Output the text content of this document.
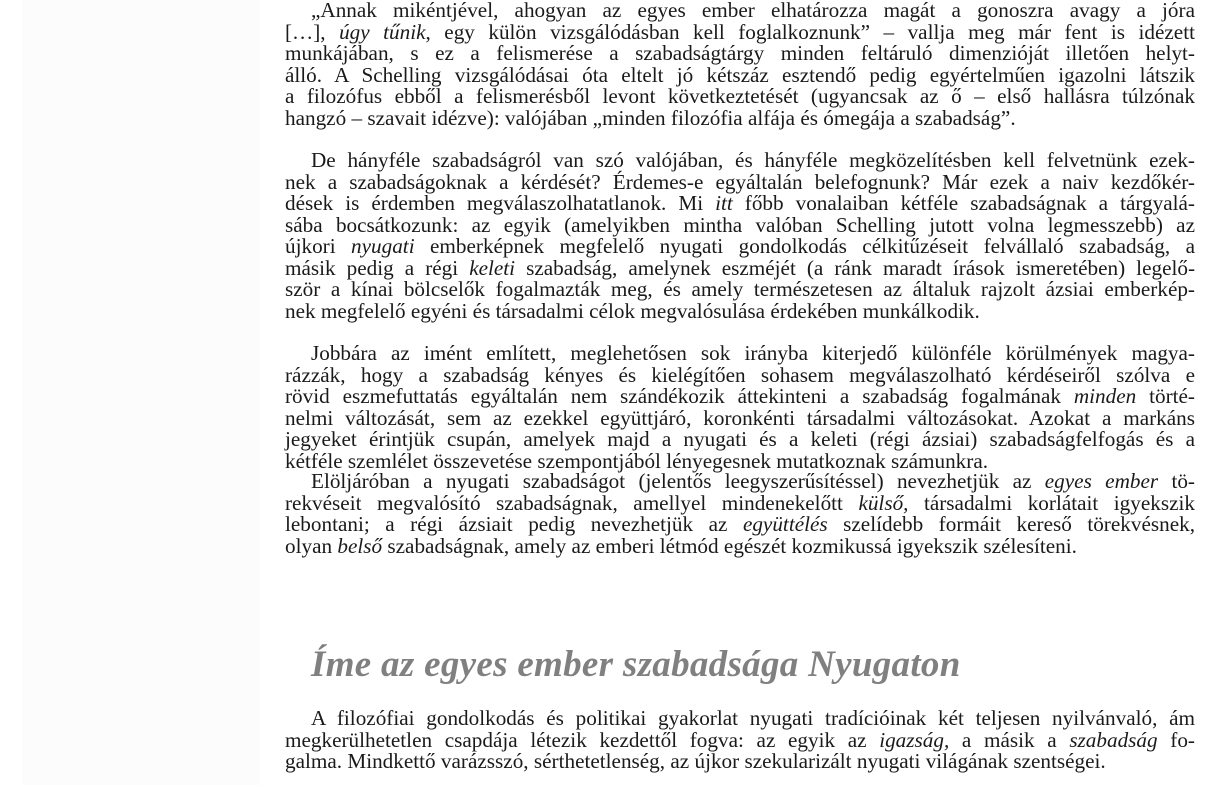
„Annak mikéntjével, ahogyan az egyes ember elhatározza magát a gonoszra avagy a jóra
[…], úgy tűnik, egy külön vizsgálódásban kell foglalkoznunk” – vallja meg már fent is idézett
munkájában, s ez a felismerése a szabadságtárgy minden feltáruló dimenzióját illetően helyt-
álló. A Schelling vizsgálódásai óta eltelt jó kétszáz esztendő pedig egyértelműen igazolni látszik
a filozófus ebből a felismerésből levont következtetését (ugyancsak az ő – első hallásra túlzónak
hangzó – szavait idézve): valójában „minden filozófia alfája és ómegája a szabadság”.
De hányféle szabadságról van szó valójában, és hányféle megközelítésben kell felvetnünk ezek-
nek a szabadságoknak a kérdését? Érdemes-e egyáltalán belefognunk? Már ezek a naiv kezdőkér-
dések is érdemben megválaszolhatatlanok. Mi itt főbb vonalaiban kétféle szabadságnak a tárgyalá-
sába bocsátkozunk: az egyik (amelyikben mintha valóban Schelling jutott volna legmesszebb) az
újkori nyugati emberképnek megfelelő nyugati gondolkodás célkitűzéseit felvállaló szabadság, a
másik pedig a régi keleti szabadság, amelynek eszméjét (a ránk maradt írások ismeretében) legelő-
ször a kínai bölcselők fogalmazták meg, és amely természetesen az általuk rajzolt ázsiai emberkép-
nek megfelelő egyéni és társadalmi célok megvalósulása érdekében munkálkodik.
Jobbára az imént említett, meglehetősen sok irányba kiterjedő különféle körülmények magya-
rázzák, hogy a szabadság kényes és kielégítően sohasem megválaszolható kérdéseiről szólva e
rövid eszmefuttatás egyáltalán nem szándékozik áttekinteni a szabadság fogalmának minden törté-
nelmi változását, sem az ezekkel együttjáró, koronkénti társadalmi változásokat. Azokat a markáns
jegyeket érintjük csupán, amelyek majd a nyugati és a keleti (régi ázsiai) szabadságfelfogás és a
kétféle szemlélet összevetése szempontjából lényegesnek mutatkoznak számunkra.
Elöljáróban a nyugati szabadságot (jelentős leegyszerűsítéssel) nevezhetjük az egyes ember tö-
rekvéseit megvalósító szabadságnak, amellyel mindenekelőtt külső, társadalmi korlátait igyekszik
lebontani; a régi ázsiait pedig nevezhetjük az együttélés szelídebb formáit kereső törekvésnek,
olyan belső szabadságnak, amely az emberi létmód egészét kozmikussá igyekszik szélesíteni.
Íme az egyes ember szabadsága Nyugaton
A filozófiai gondolkodás és politikai gyakorlat nyugati tradícióinak két teljesen nyilvánvaló, ám
megkerülhetetlen csapdája létezik kezdettől fogva: az egyik az igazság, a másik a szabadság fo-
galma. Mindkettő varázsszó, sérthetetlenség, az újkor szekularizált nyugati világának szentségei.
